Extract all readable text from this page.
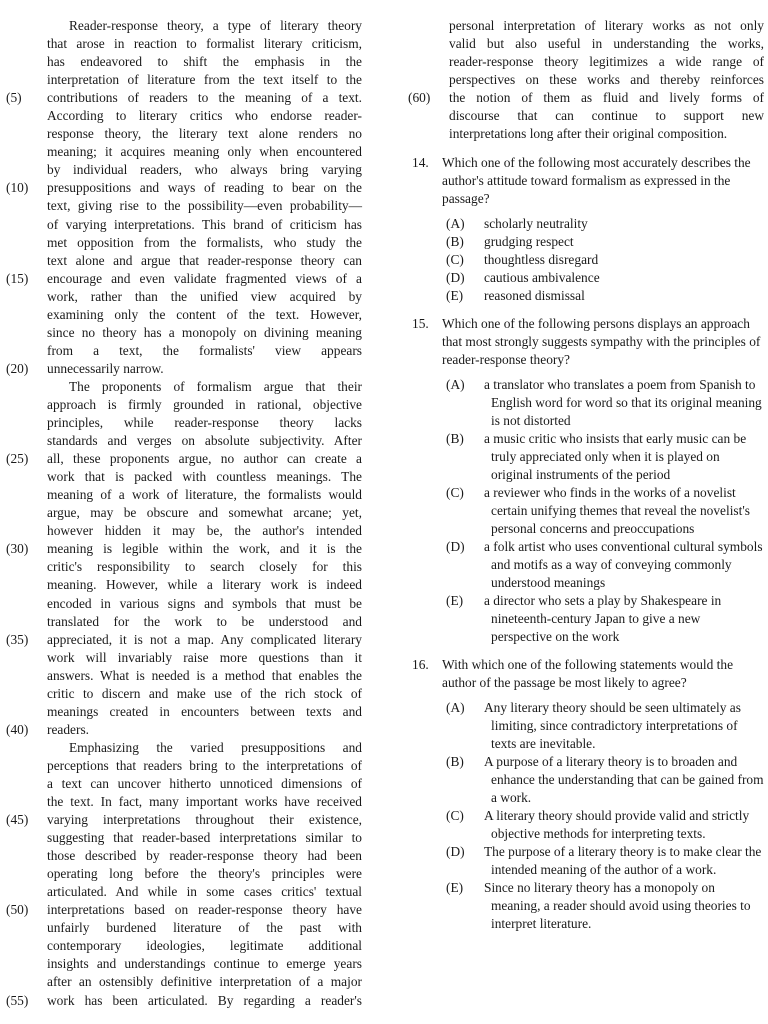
Reader-response theory, a type of literary theory
that arose in reaction to formalist literary criticism,
has endeavored to shift the emphasis in the
interpretation of literature from the text itself to the
(5)	contributions of readers to the meaning of a text.
According to literary critics who endorse reader-
response theory, the literary text alone renders no
meaning; it acquires meaning only when encountered
by individual readers, who always bring varying
(10)	presuppositions and ways of reading to bear on the
text, giving rise to the possibility—even probability—
of varying interpretations. This brand of criticism has
met opposition from the formalists, who study the
text alone and argue that reader-response theory can
(15)	encourage and even validate fragmented views of a
work, rather than the unified view acquired by
examining only the content of the text. However,
since no theory has a monopoly on divining meaning
from a text, the formalists' view appears
(20)	unnecessarily narrow.
The proponents of formalism argue that their
approach is firmly grounded in rational, objective
principles, while reader-response theory lacks
standards and verges on absolute subjectivity. After
(25)	all, these proponents argue, no author can create a
work that is packed with countless meanings. The
meaning of a work of literature, the formalists would
argue, may be obscure and somewhat arcane; yet,
however hidden it may be, the author's intended
(30)	meaning is legible within the work, and it is the
critic's responsibility to search closely for this
meaning. However, while a literary work is indeed
encoded in various signs and symbols that must be
translated for the work to be understood and
(35)	appreciated, it is not a map. Any complicated literary
work will invariably raise more questions than it
answers. What is needed is a method that enables the
critic to discern and make use of the rich stock of
meanings created in encounters between texts and
(40)	readers.
Emphasizing the varied presuppositions and
perceptions that readers bring to the interpretations of
a text can uncover hitherto unnoticed dimensions of
the text. In fact, many important works have received
(45)	varying interpretations throughout their existence,
suggesting that reader-based interpretations similar to
those described by reader-response theory had been
operating long before the theory's principles were
articulated. And while in some cases critics' textual
(50)	interpretations based on reader-response theory have
unfairly burdened literature of the past with
contemporary ideologies, legitimate additional
insights and understandings continue to emerge years
after an ostensibly definitive interpretation of a major
(55)	work has been articulated. By regarding a reader's
personal interpretation of literary works as not only
valid but also useful in understanding the works,
reader-response theory legitimizes a wide range of
perspectives on these works and thereby reinforces
(60)	the notion of them as fluid and lively forms of
discourse that can continue to support new
interpretations long after their original composition.
14. Which one of the following most accurately describes the author's attitude toward formalism as expressed in the passage?
(A) scholarly neutrality
(B) grudging respect
(C) thoughtless disregard
(D) cautious ambivalence
(E) reasoned dismissal
15. Which one of the following persons displays an approach that most strongly suggests sympathy with the principles of reader-response theory?
(A) a translator who translates a poem from Spanish to English word for word so that its original meaning is not distorted
(B) a music critic who insists that early music can be truly appreciated only when it is played on original instruments of the period
(C) a reviewer who finds in the works of a novelist certain unifying themes that reveal the novelist's personal concerns and preoccupations
(D) a folk artist who uses conventional cultural symbols and motifs as a way of conveying commonly understood meanings
(E) a director who sets a play by Shakespeare in nineteenth-century Japan to give a new perspective on the work
16. With which one of the following statements would the author of the passage be most likely to agree?
(A) Any literary theory should be seen ultimately as limiting, since contradictory interpretations of texts are inevitable.
(B) A purpose of a literary theory is to broaden and enhance the understanding that can be gained from a work.
(C) A literary theory should provide valid and strictly objective methods for interpreting texts.
(D) The purpose of a literary theory is to make clear the intended meaning of the author of a work.
(E) Since no literary theory has a monopoly on meaning, a reader should avoid using theories to interpret literature.
